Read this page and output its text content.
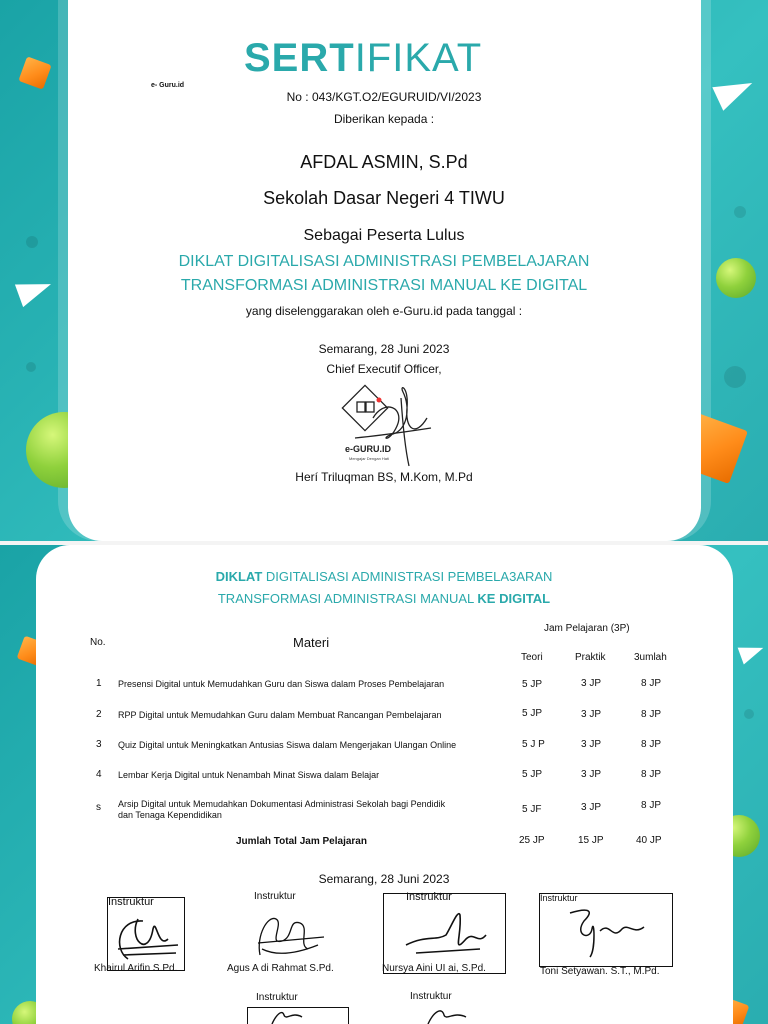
SERTIFIKAT
e- Guru.id
No : 043/KGT.O2/EGURUID/VI/2023
Diberikan kepada :
AFDAL ASMIN, S.Pd
Sekolah Dasar Negeri 4 TIWU
Sebagai Peserta Lulus
DIKLAT DIGITALISASI ADMINISTRASI PEMBELAJARAN
TRANSFORMASI ADMINISTRASI MANUAL KE DIGITAL
yang diselenggarakan oleh e-Guru.id pada tanggal :
Semarang, 28 Juni 2023
Chief Executif Officer,
e-GURU.ID
Mengajar Dengan Hati
Herí Triluqman BS, M.Kom, M.Pd
DIKLAT DIGITALISASI ADMINISTRASI PEMBELA3ARAN
TRANSFORMASI ADMINISTRASI MANUAL KE DIGITAL
No.	Materi
Jam Pelajaran (3P)
Teori	Praktik	3umlah
1 Presensi Digital untuk Memudahkan Guru dan Siswa dalam Proses Pembelajaran	5 JP	3 JP	8 JP
2 RPP Digital untuk Memudahkan Guru dalam Membuat Rancangan Pembelajaran	5 JP	3 JP	8 JP
3 Quiz Digital untuk Meningkatkan Antusias Siswa dalam Mengerjakan Ulangan Online	5 J P	3 JP	8 JP
4 Lembar Kerja Digital untuk Nenambah Minat Siswa dalam Belajar	5 JP	3 JP	8 JP
s Arsip Digital untuk Memudahkan Dokumentasi Administrasi Sekolah bagi Pendidik
dan Tenaga Kependidikan	5 JF	3 JP	8 JP
Jumlah Total Jam Pelajaran	25 JP	15 JP	40 JP
Semarang, 28 Juni 2023
Instruktur
Khairul Arifin S.Pd.
Instruktur
Agus A di Rahmat S.Pd.
Instruktur
Nursya Aini UI ai, S.Pd.
Instruktur
Toni Setyawan. S.T., M.Pd.
Instruktur	Instruktur
